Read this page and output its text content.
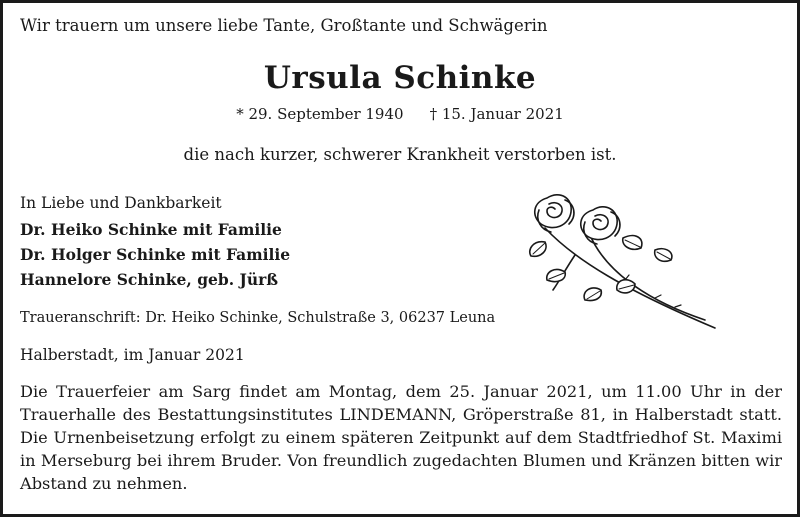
Wir trauern um unsere liebe Tante, Großtante und Schwägerin
Ursula Schinke
* 29. September 1940 † 15. Januar 2021
die nach kurzer, schwerer Krankheit verstorben ist.
In Liebe und Dankbarkeit
Dr. Heiko Schinke mit Familie
Dr. Holger Schinke mit Familie
Hannelore Schinke, geb. Jürß
Traueranschrift: Dr. Heiko Schinke, Schulstraße 3, 06237 Leuna
Halberstadt, im Januar 2021
Die Trauerfeier am Sarg findet am Montag, dem 25. Januar 2021, um 11.00 Uhr in der Trauerhalle des Bestattungsinstitutes LINDEMANN, Gröperstraße 81, in Halberstadt statt. Die Urnenbeisetzung erfolgt zu einem späteren Zeitpunkt auf dem Stadtfriedhof St. Maximi in Merseburg bei ihrem Bruder. Von freundlich zugedachten Blumen und Kränzen bitten wir Abstand zu nehmen.
